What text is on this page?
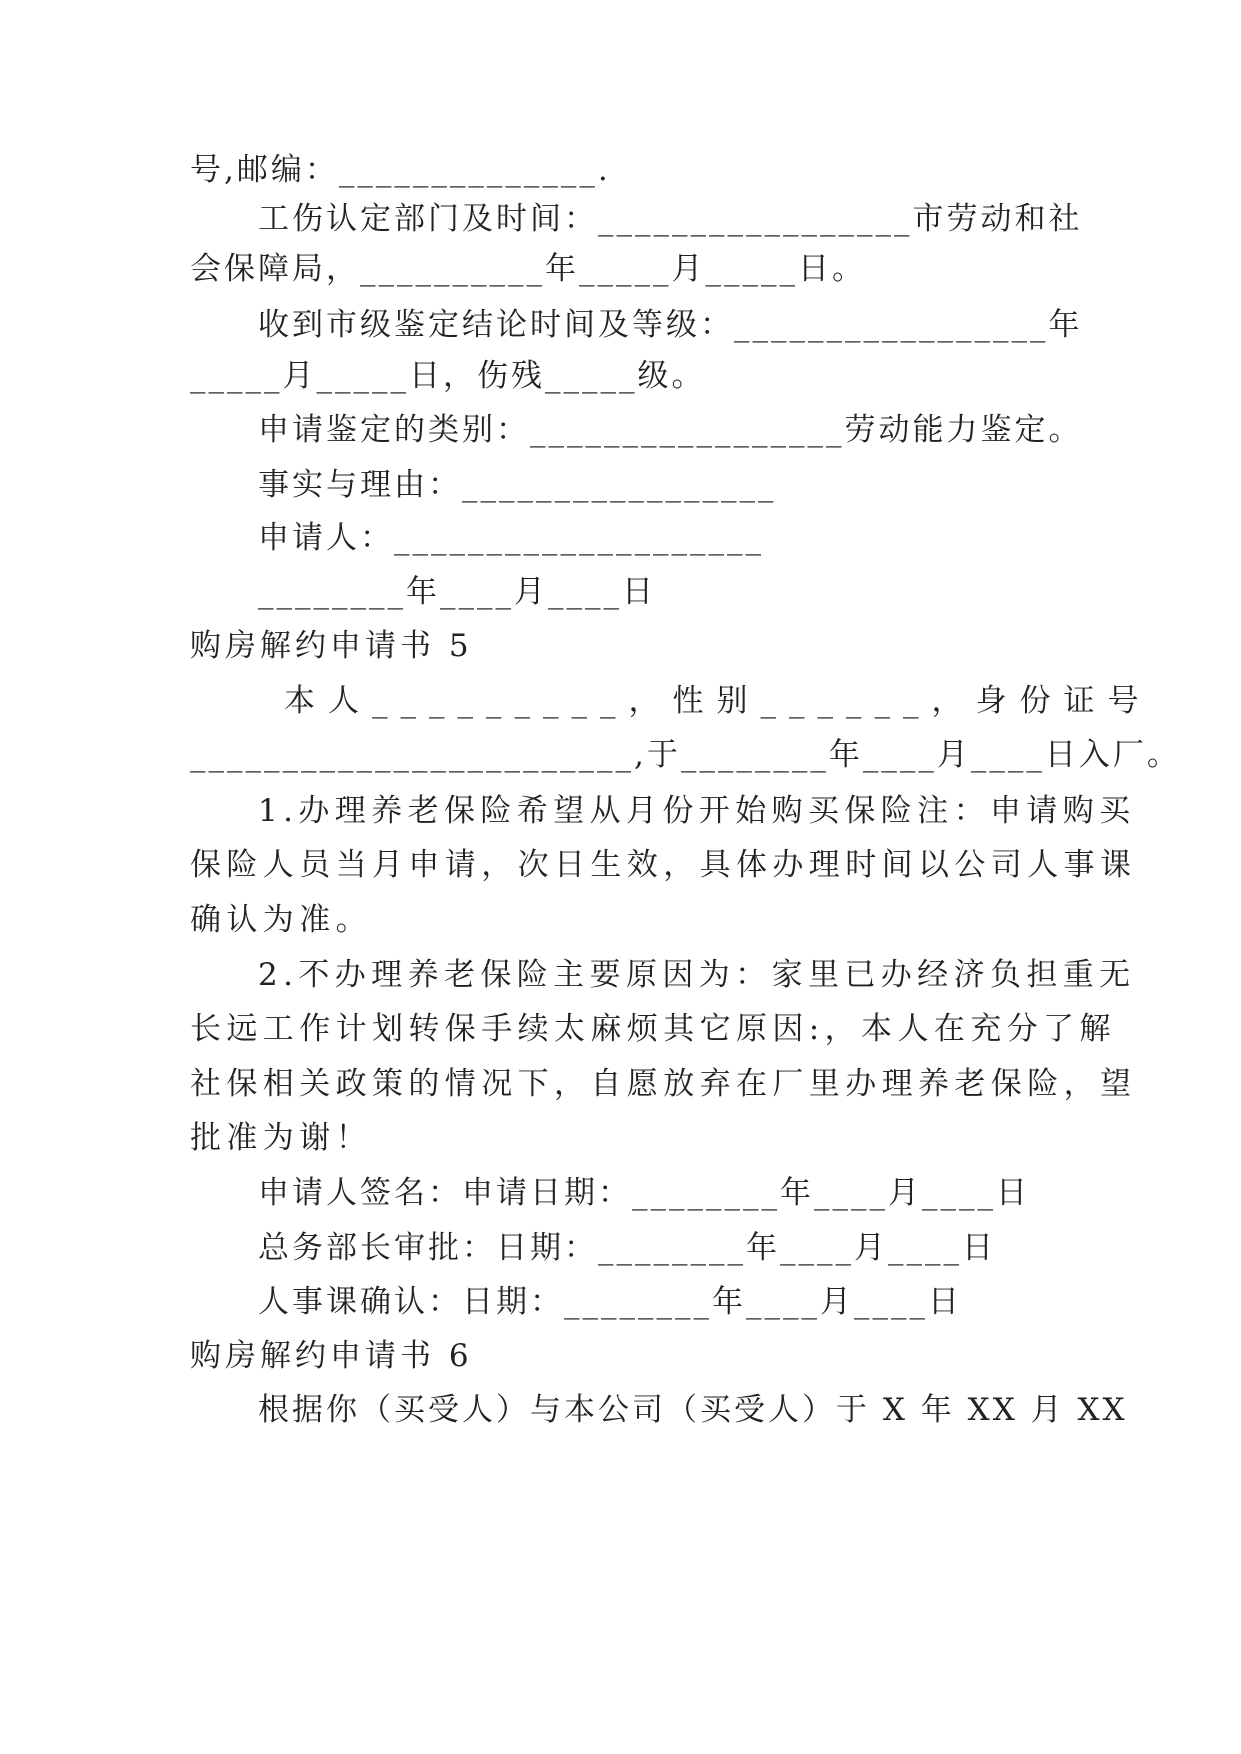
号,邮编：______________.

工伤认定部门及时间：_________________市劳动和社

会保障局，__________年_____月_____日。

收到市级鉴定结论时间及等级：_________________年

_____月_____日，伤残_____级。

申请鉴定的类别：_________________劳动能力鉴定。

事实与理由：_________________

申请人：____________________

________年____月____日

购房解约申请书 5

本人_________，性别______，身份证号

________________________,于________年____月____日入厂。

1.办理养老保险希望从月份开始购买保险注：申请购买

保险人员当月申请，次日生效，具体办理时间以公司人事课

确认为准。

2.不办理养老保险主要原因为：家里已办经济负担重无

长远工作计划转保手续太麻烦其它原因:，本人在充分了解

社保相关政策的情况下，自愿放弃在厂里办理养老保险，望

批准为谢！

申请人签名：申请日期：________年____月____日

总务部长审批：日期：________年____月____日

人事课确认：日期：________年____月____日

购房解约申请书 6

根据你（买受人）与本公司（买受人）于 X 年 XX 月 XX
